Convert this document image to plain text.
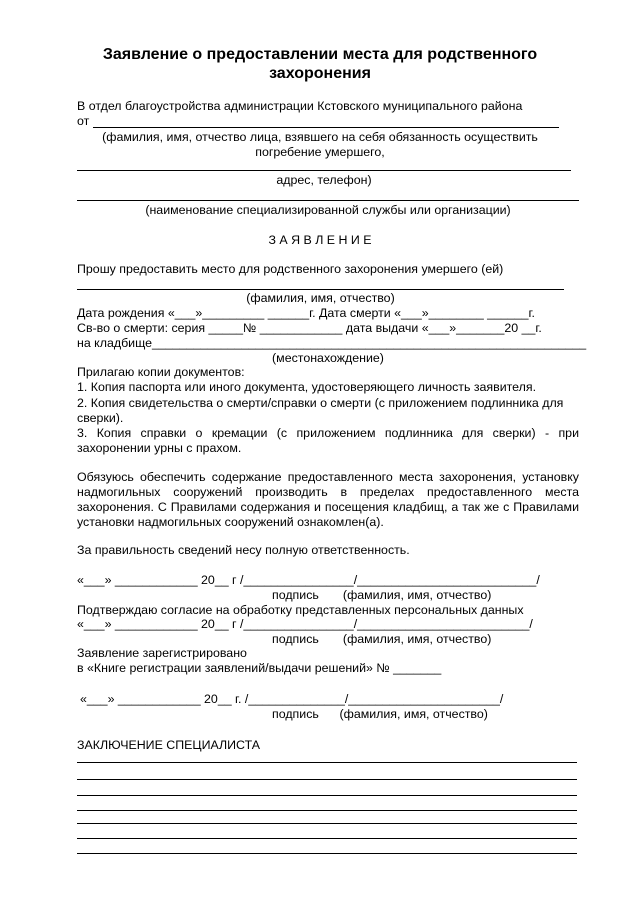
Заявление о предоставлении места для родственного
захоронения
В отдел благоустройства администрации Кстовского муниципального района
от
(фамилия, имя, отчество лица, взявшего на себя обязанность осуществить
погребение умершего,
адрес, телефон)
(наименование специализированной службы или организации)
З А Я В Л Е Н И Е
Прошу предоставить место для родственного захоронения умершего (ей)
(фамилия, имя, отчество)
Дата рождения «___»_________ ______г. Дата смерти «___»________ ______г.
Св-во о смерти: серия _____№ ____________ дата выдачи «___»_______20 __г.
на кладбище_______________________________________________________________
(местонахождение)
Прилагаю копии документов:
1. Копия паспорта или иного документа, удостоверяющего личность заявителя.
2. Копия свидетельства о смерти/справки о смерти (с приложением подлинника для
сверки).
3. Копия справки о кремации (с приложением подлинника для сверки) - при
захоронении урны с прахом.
Обязуюсь обеспечить содержание предоставленного места захоронения, установку
надмогильных сооружений производить в пределах предоставленного места
захоронения. С Правилами содержания и посещения кладбищ, а так же с Правилами
установки надмогильных сооружений ознакомлен(а).
За правильность сведений несу полную ответственность.
«___» ____________ 20__ г /________________/__________________________/
подпись       (фамилия, имя, отчество)
Подтверждаю согласие на обработку представленных персональных данных
«___» ____________ 20__ г /________________/_________________________/
подпись       (фамилия, имя, отчество)
Заявление зарегистрировано
в «Книге регистрации заявлений/выдачи решений» № _______
«___» ____________ 20__ г. /______________/______________________/
подпись      (фамилия, имя, отчество)
ЗАКЛЮЧЕНИЕ СПЕЦИАЛИСТА
